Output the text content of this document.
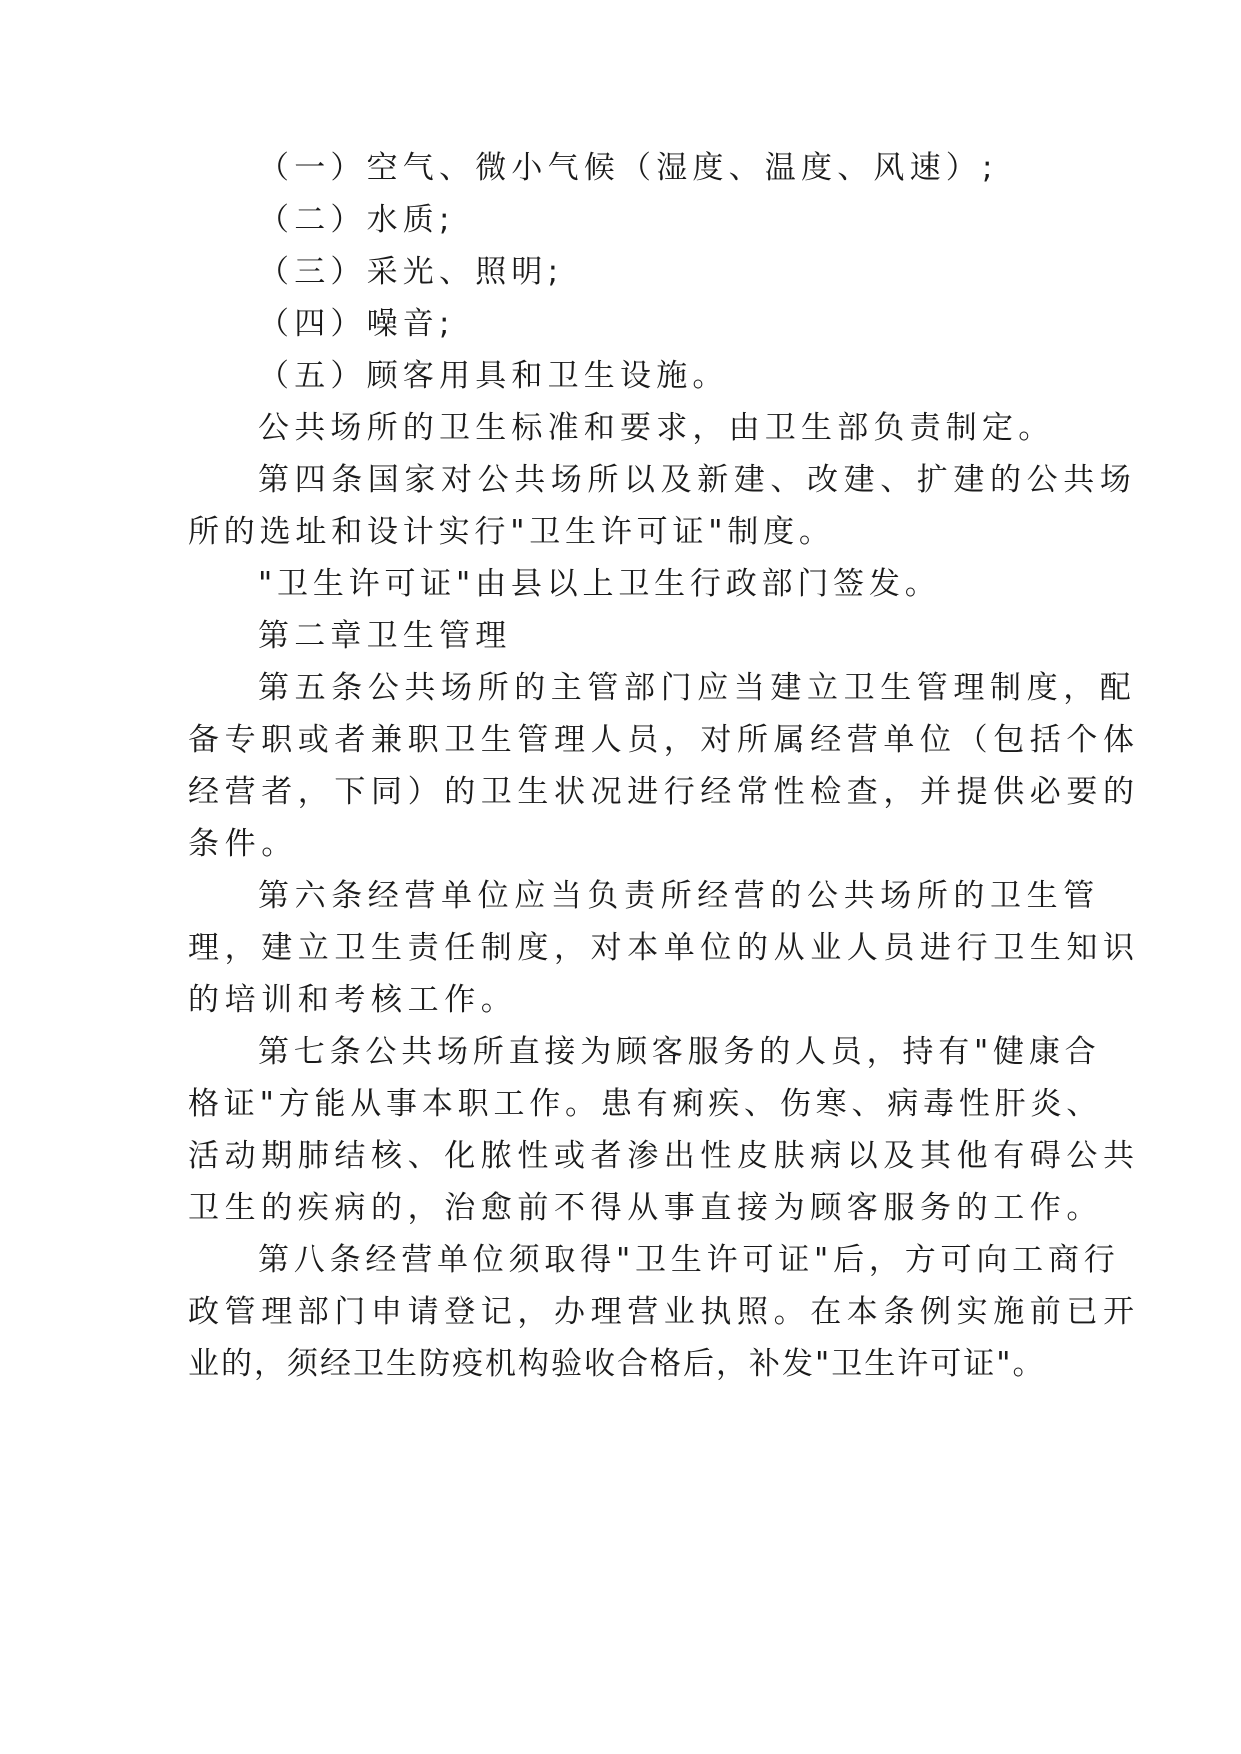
（一）空气、微小气候（湿度、温度、风速）;
（二）水质;
（三）采光、照明;
（四）噪音;
（五）顾客用具和卫生设施。
公共场所的卫生标准和要求，由卫生部负责制定。
第四条国家对公共场所以及新建、改建、扩建的公共场
所的选址和设计实行"卫生许可证"制度。
"卫生许可证"由县以上卫生行政部门签发。
第二章卫生管理
第五条公共场所的主管部门应当建立卫生管理制度，配
备专职或者兼职卫生管理人员，对所属经营单位（包括个体
经营者，下同）的卫生状况进行经常性检查，并提供必要的
条件。
第六条经营单位应当负责所经营的公共场所的卫生管
理，建立卫生责任制度，对本单位的从业人员进行卫生知识
的培训和考核工作。
第七条公共场所直接为顾客服务的人员，持有"健康合
格证"方能从事本职工作。患有痢疾、伤寒、病毒性肝炎、
活动期肺结核、化脓性或者渗出性皮肤病以及其他有碍公共
卫生的疾病的，治愈前不得从事直接为顾客服务的工作。
第八条经营单位须取得"卫生许可证"后，方可向工商行
政管理部门申请登记，办理营业执照。在本条例实施前已开
业的，须经卫生防疫机构验收合格后，补发"卫生许可证"。
